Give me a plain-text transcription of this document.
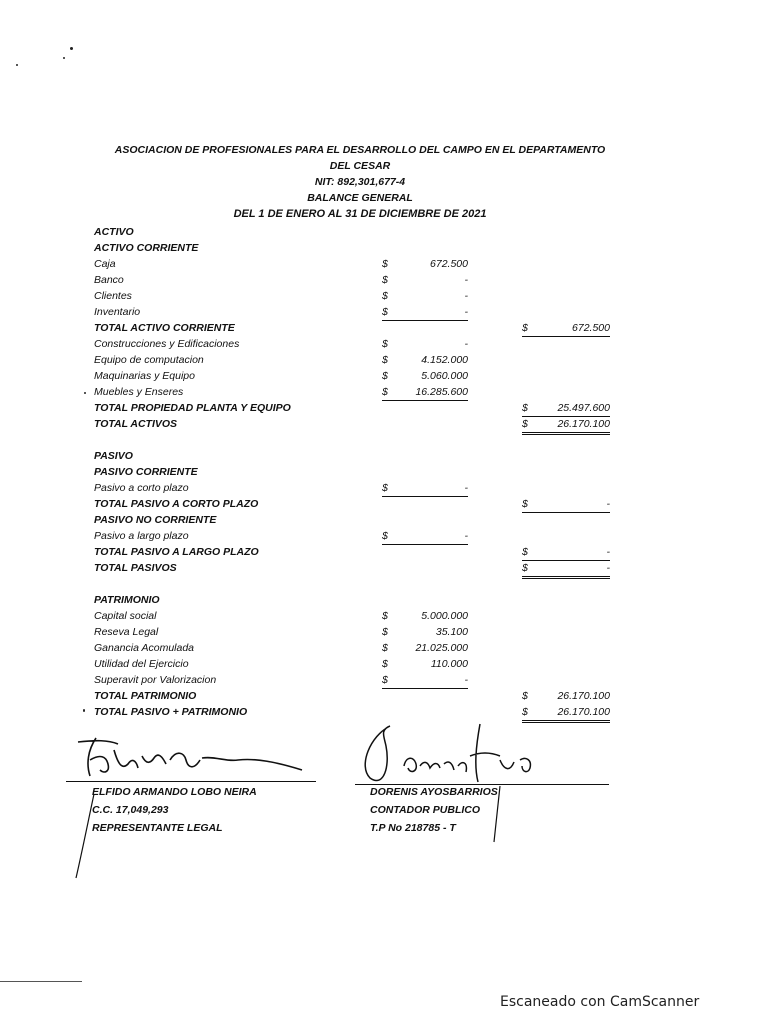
ASOCIACION DE PROFESIONALES PARA EL DESARROLLO DEL CAMPO EN EL DEPARTAMENTO
DEL CESAR
NIT: 892,301,677-4
BALANCE GENERAL
DEL 1 DE ENERO AL 31 DE DICIEMBRE DE 2021
ACTIVO
ACTIVO CORRIENTE
Caja	$	672.500
Banco	$	-
Clientes	$	-
Inventario	$	-
TOTAL ACTIVO CORRIENTE	$	672.500
Construcciones y Edificaciones	$	-
Equipo de computacion	$	4.152.000
Maquinarias y Equipo	$	5.060.000
Muebles y Enseres	$	16.285.600
TOTAL PROPIEDAD PLANTA Y EQUIPO	$	25.497.600
TOTAL ACTIVOS	$	26.170.100
PASIVO
PASIVO CORRIENTE
Pasivo a corto plazo	$	-
TOTAL PASIVO A CORTO PLAZO	$	-
PASIVO NO CORRIENTE
Pasivo a largo plazo	$	-
TOTAL PASIVO A LARGO PLAZO	$	-
TOTAL PASIVOS	$	-
PATRIMONIO
Capital social	$	5.000.000
Reseva Legal	$	35.100
Ganancia Acomulada	$	21.025.000
Utilidad del Ejercicio	$	110.000
Superavit por Valorizacion	$	-
TOTAL PATRIMONIO	$	26.170.100
TOTAL PASIVO + PATRIMONIO	$	26.170.100
ELFIDO ARMANDO LOBO NEIRA
C.C. 17,049,293
REPRESENTANTE LEGAL
DORENIS AYOSBARRIOS
CONTADOR PUBLICO
T.P No 218785 - T
Escaneado con CamScanner
